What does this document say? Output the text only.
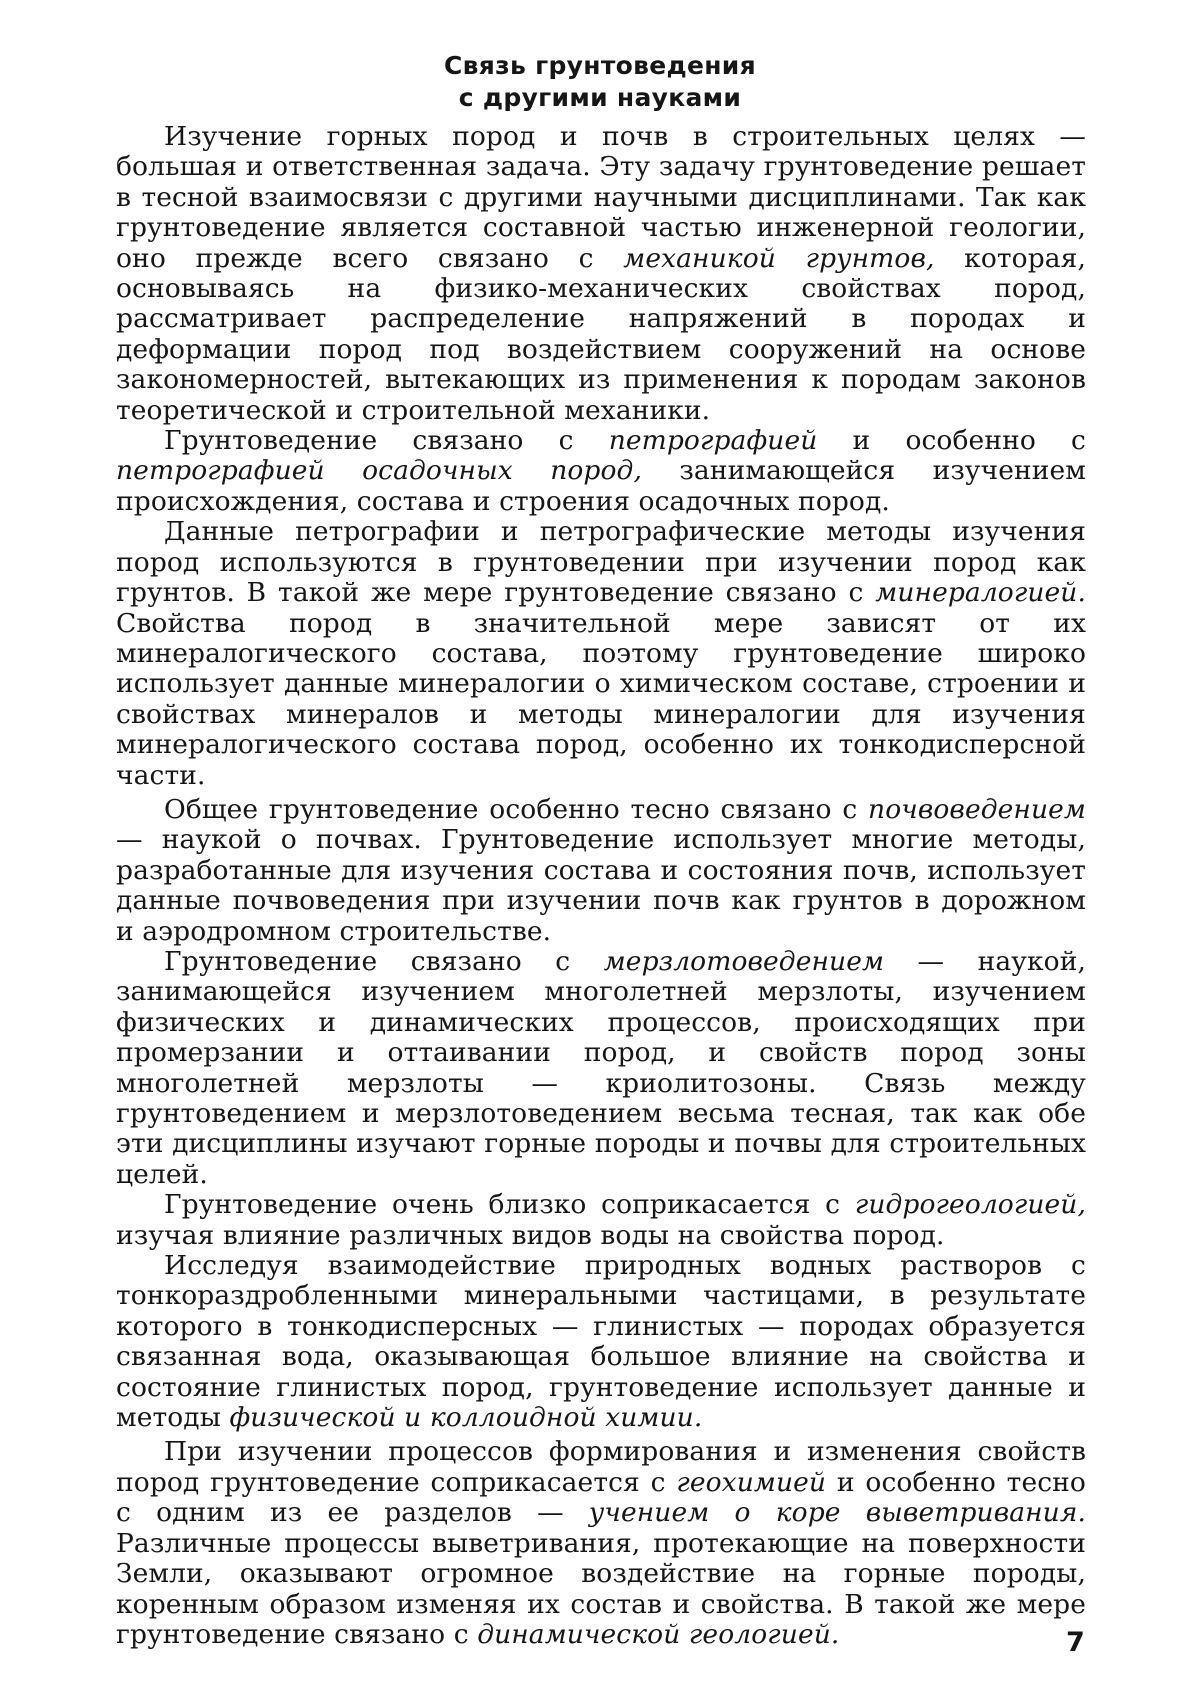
Связь грунтоведения
с другими науками

Изучение горных пород и почв в строительных целях — большая и ответственная задача. Эту задачу грунтоведение решает в тесной взаимосвязи с другими научными дисциплинами. Так как грунтоведение является составной частью инженерной геологии, оно прежде всего связано с механикой грунтов, которая, основываясь на физико-механических свойствах пород, рассматривает распределение напряжений в породах и деформации пород под воздействием сооружений на основе закономерностей, вытекающих из применения к породам законов теоретической и строительной механики.

Грунтоведение связано с петрографией и особенно с петрографией осадочных пород, занимающейся изучением происхождения, состава и строения осадочных пород.

Данные петрографии и петрографические методы изучения пород используются в грунтоведении при изучении пород как грунтов. В такой же мере грунтоведение связано с минералогией. Свойства пород в значительной мере зависят от их минералогического состава, поэтому грунтоведение широко использует данные минералогии о химическом составе, строении и свойствах минералов и методы минералогии для изучения минералогического состава пород, особенно их тонкодисперсной части.

Общее грунтоведение особенно тесно связано с почвоведением — наукой о почвах. Грунтоведение использует многие методы, разработанные для изучения состава и состояния почв, использует данные почвоведения при изучении почв как грунтов в дорожном и аэродромном строительстве.

Грунтоведение связано с мерзлотоведением — наукой, занимающейся изучением многолетней мерзлоты, изучением физических и динамических процессов, происходящих при промерзании и оттаивании пород, и свойств пород зоны многолетней мерзлоты — криолитозоны. Связь между грунтоведением и мерзлотоведением весьма тесная, так как обе эти дисциплины изучают горные породы и почвы для строительных целей.

Грунтоведение очень близко соприкасается с гидрогеологией, изучая влияние различных видов воды на свойства пород.

Исследуя взаимодействие природных водных растворов с тонкораздробленными минеральными частицами, в результате которого в тонкодисперсных — глинистых — породах образуется связанная вода, оказывающая большое влияние на свойства и состояние глинистых пород, грунтоведение использует данные и методы физической и коллоидной химии.

При изучении процессов формирования и изменения свойств пород грунтоведение соприкасается с геохимией и особенно тесно с одним из ее разделов — учением о коре выветривания. Различные процессы выветривания, протекающие на поверхности Земли, оказывают огромное воздействие на горные породы, коренным образом изменяя их состав и свойства. В такой же мере грунтоведение связано с динамической геологией.	7
